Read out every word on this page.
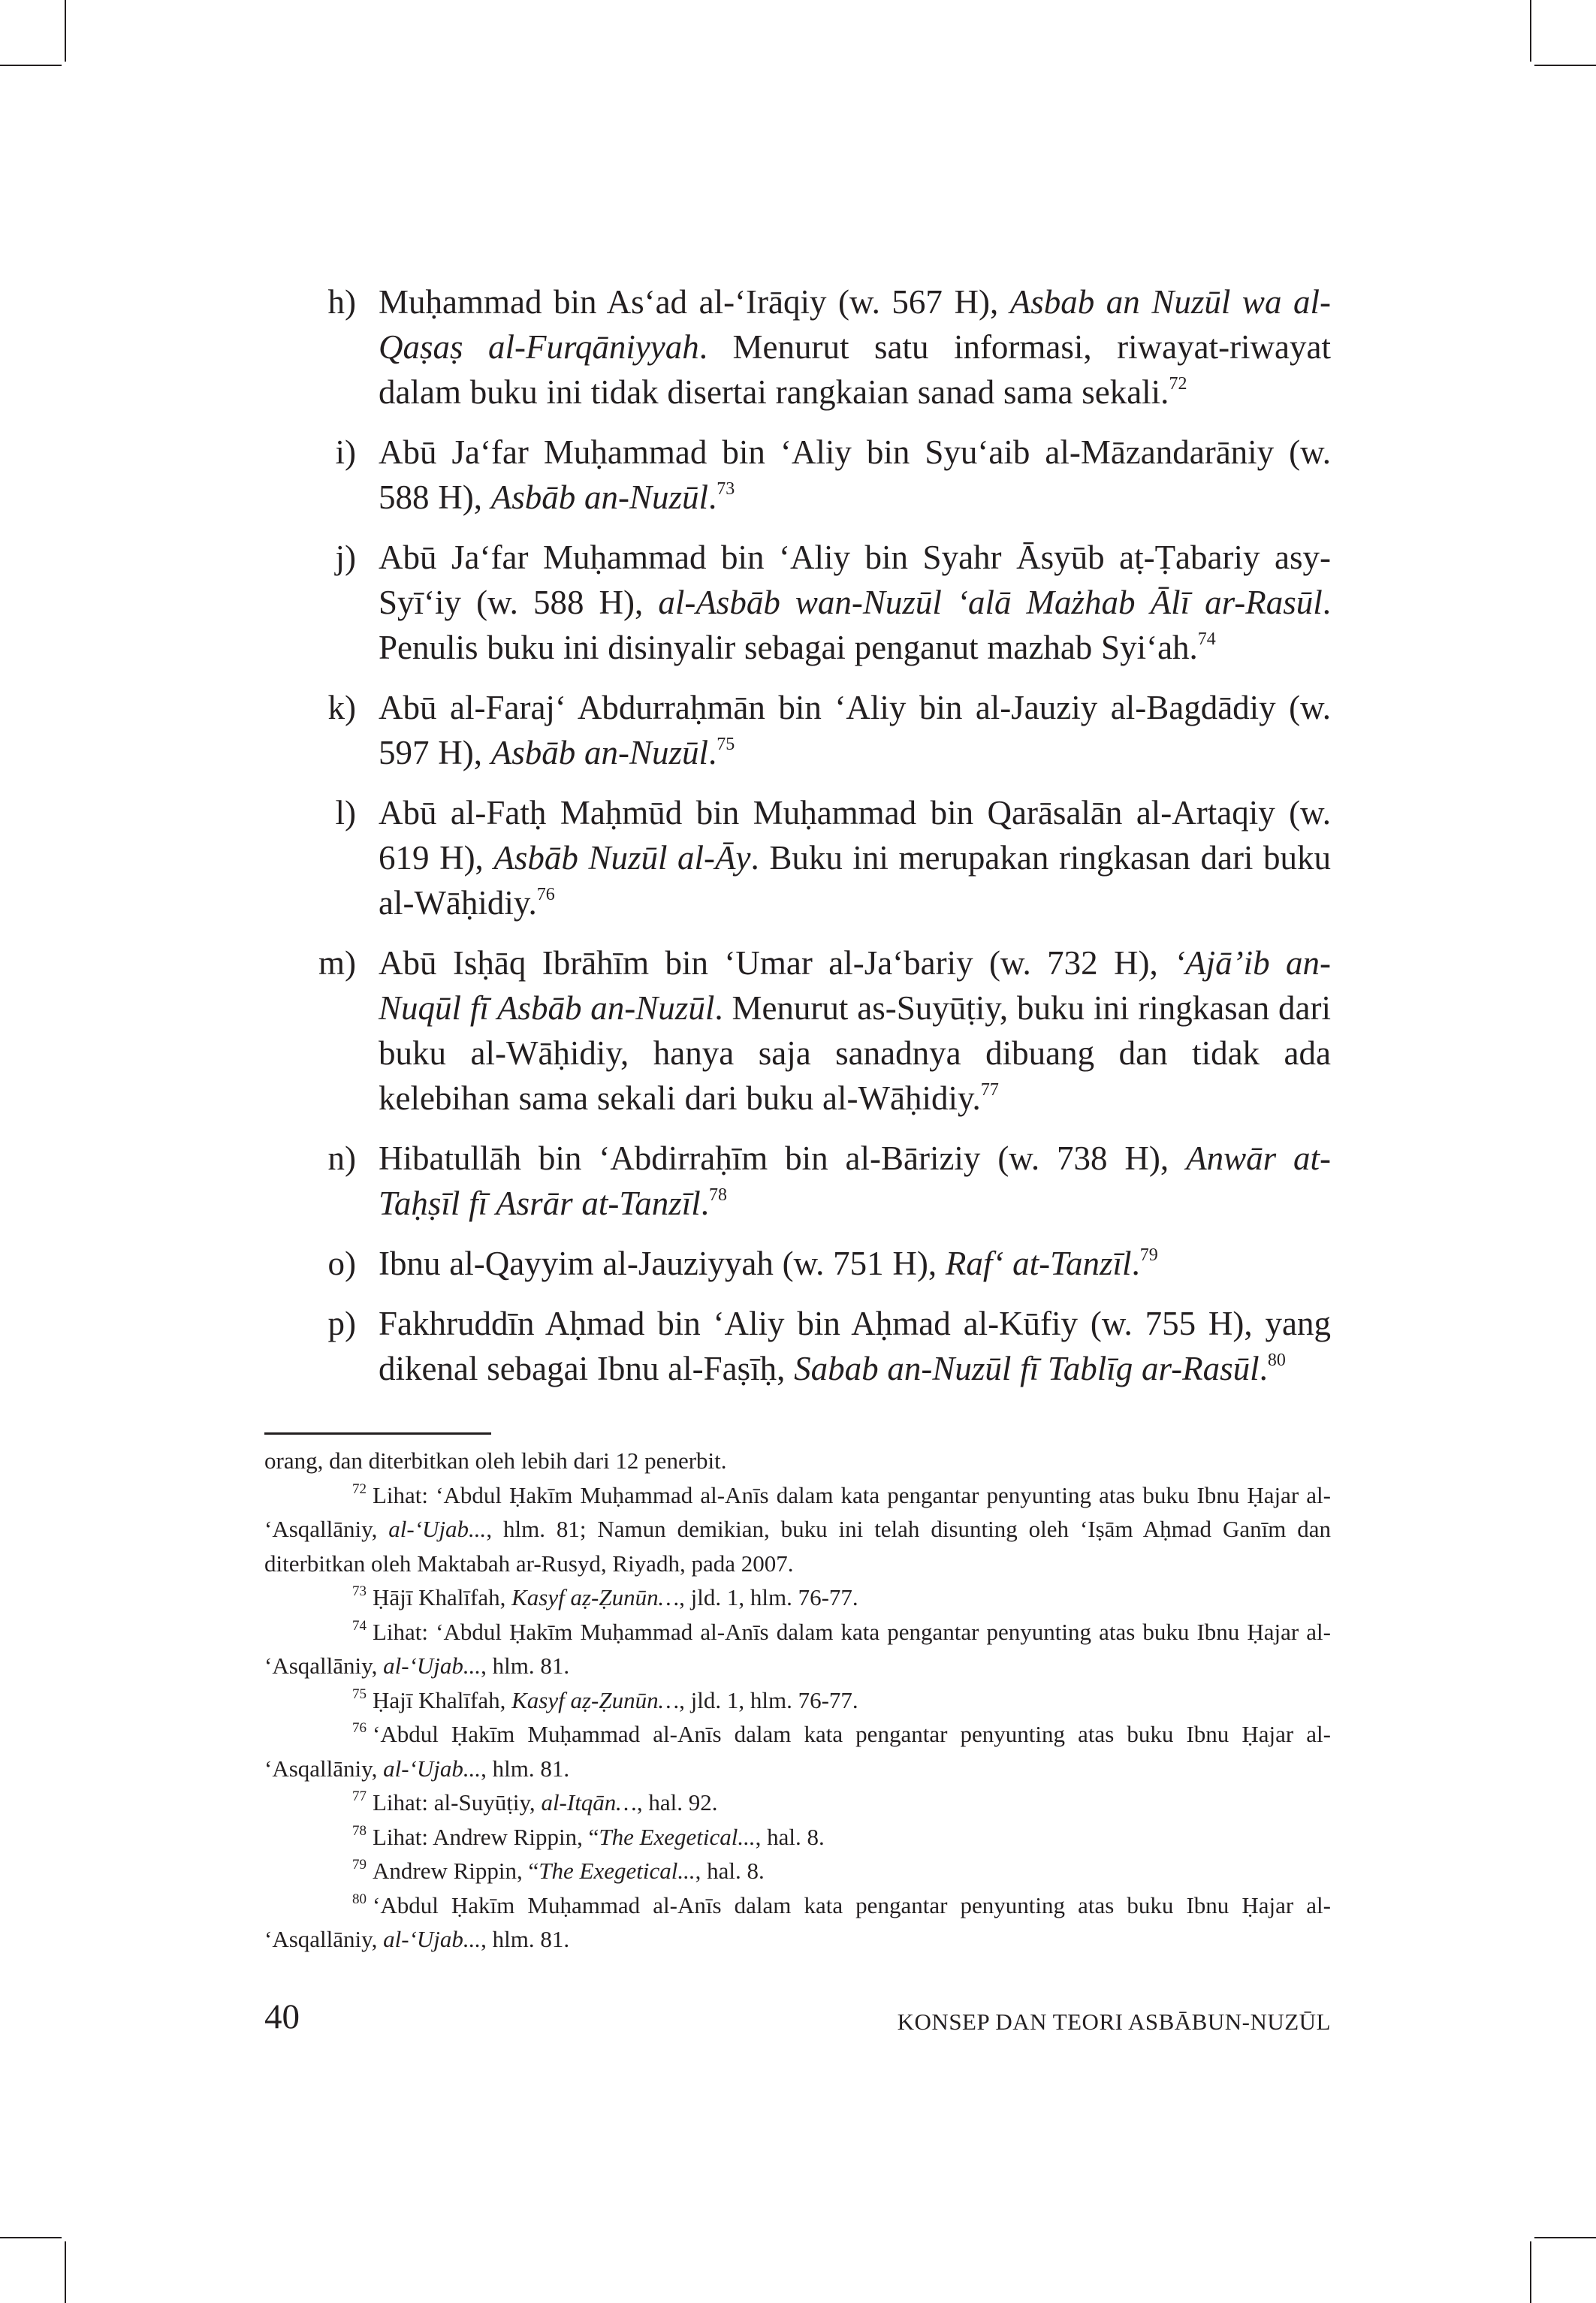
h) Muḥammad bin Asʻad al-ʻIrāqiy (w. 567 H), Asbab an Nuzūl wa al-Qaṣaṣ al-Furqāniyyah. Menurut satu informasi, riwayat-riwayat dalam buku ini tidak disertai rangkaian sanad sama sekali.$^{72}$
i) Abū Jaʻfar Muḥammad bin ʻAliy bin Syuʻaib al-Māzandarāniy (w. 588 H), Asbāb an-Nuzūl.$^{73}$
j) Abū Jaʻfar Muḥammad bin ʻAliy bin Syahr Āsyūb aṭ-Ṭabariy asy-Syīʻiy (w. 588 H), al-Asbāb wan-Nuzūl ʻalā Mażhab Ālī ar-Rasūl. Penulis buku ini disinyalir sebagai penganut mazhab Syiʻah.$^{74}$
k) Abū al-Farajʻ Abdurraḥmān bin ʻAliy bin al-Jauziy al-Bagdādiy (w. 597 H), Asbāb an-Nuzūl.$^{75}$
l) Abū al-Fatḥ Maḥmūd bin Muḥammad bin Qarāsalān al-Artaqiy (w. 619 H), Asbāb Nuzūl al-Āy. Buku ini merupakan ringkasan dari buku al-Wāḥidiy.$^{76}$
m) Abū Isḥāq Ibrāhīm bin ʻUmar al-Jaʻbariy (w. 732 H), ʻAjā’ib an-Nuqūl fī Asbāb an-Nuzūl. Menurut as-Suyūṭiy, buku ini ringkasan dari buku al-Wāḥidiy, hanya saja sanadnya dibuang dan tidak ada kelebihan sama sekali dari buku al-Wāḥidiy.$^{77}$
n) Hibatullāh bin ʻAbdirraḥīm bin al-Bāriziy (w. 738 H), Anwār at-Taḥṣīl fī Asrār at-Tanzīl.$^{78}$
o) Ibnu al-Qayyim al-Jauziyyah (w. 751 H), Rafʻ at-Tanzīl.$^{79}$
p) Fakhruddīn Aḥmad bin ʻAliy bin Aḥmad al-Kūfiy (w. 755 H), yang dikenal sebagai Ibnu al-Faṣīḥ, Sabab an-Nuzūl fī Tablīg ar-Rasūl.$^{80}$

orang, dan diterbitkan oleh lebih dari 12 penerbit.

$^{72}$ Lihat: ʻAbdul Ḥakīm Muḥammad al-Anīs dalam kata pengantar penyunting atas buku Ibnu Ḥajar al-ʻAsqallāniy, al-ʻUjab..., hlm. 81; Namun demikian, buku ini telah disunting oleh ʻIṣām Aḥmad Ganīm dan diterbitkan oleh Maktabah ar-Rusyd, Riyadh, pada 2007.

$^{73}$ Ḥājī Khalīfah, Kasyf aẓ-Ẓunūn…, jld. 1, hlm. 76-77.

$^{74}$ Lihat: ʻAbdul Ḥakīm Muḥammad al-Anīs dalam kata pengantar penyunting atas buku Ibnu Ḥajar al-ʻAsqallāniy, al-ʻUjab..., hlm. 81.

$^{75}$ Ḥajī Khalīfah, Kasyf aẓ-Ẓunūn…, jld. 1, hlm. 76-77.

$^{76}$ ʻAbdul Ḥakīm Muḥammad al-Anīs dalam kata pengantar penyunting atas buku Ibnu Ḥajar al-ʻAsqallāniy, al-ʻUjab..., hlm. 81.

$^{77}$ Lihat: al-Suyūṭiy, al-Itqān…, hal. 92.

$^{78}$ Lihat: Andrew Rippin, “The Exegetical..., hal. 8.

$^{79}$ Andrew Rippin, “The Exegetical..., hal. 8.

$^{80}$ ʻAbdul Ḥakīm Muḥammad al-Anīs dalam kata pengantar penyunting atas buku Ibnu Ḥajar al-ʻAsqallāniy, al-ʻUjab..., hlm. 81.

40	KONSEP DAN TEORI ASBĀBUN-NUZŪL
